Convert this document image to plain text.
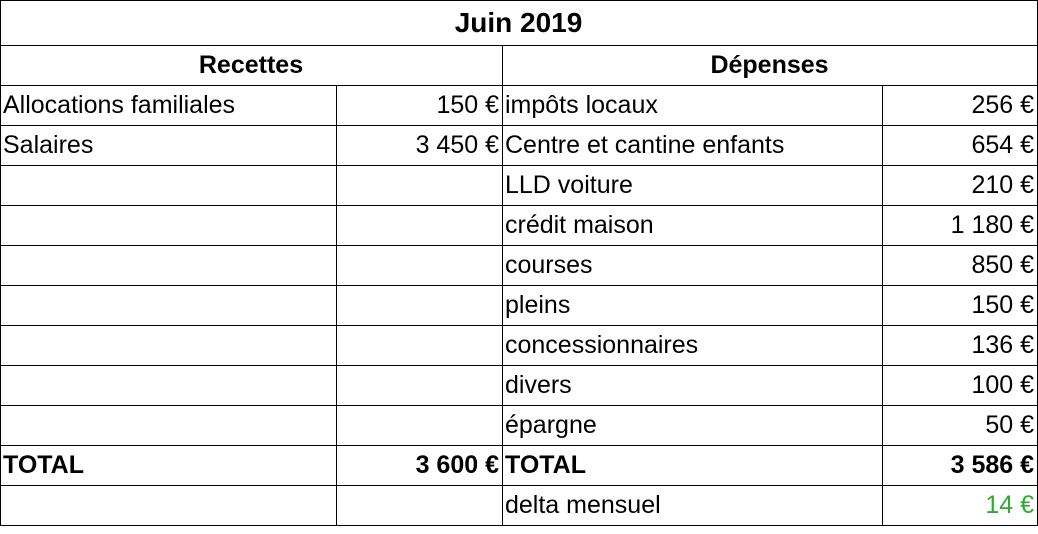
Juin 2019			
Recettes		Dépenses	
Allocations familiales	150 €	impôts locaux	256 €
Salaires	3 450 €	Centre et cantine enfants	654 €
		LLD voiture	210 €
		crédit maison	1 180 €
		courses	850 €
		pleins	150 €
		concessionnaires	136 €
		divers	100 €
		épargne	50 €
TOTAL	3 600 €	TOTAL	3 586 €
		delta mensuel	14 €
